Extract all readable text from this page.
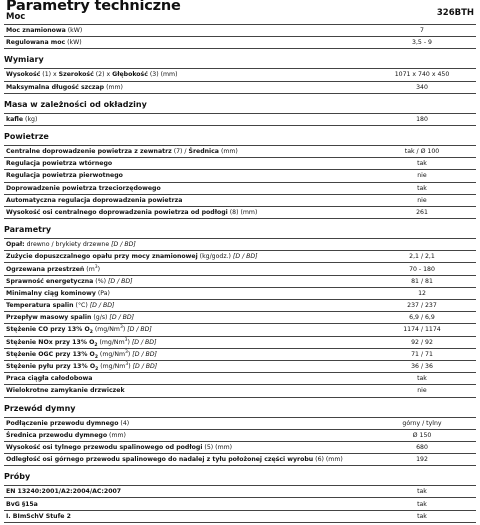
Parametry techniczne	326BTH
Moc
Moc znamionowa (kW)	7
Regulowana moc (kW)	3,5 - 9
Wymiary
Wysokość (1) x Szerokość (2) x Głębokość (3) (mm)	1071 x 740 x 450
Maksymalna długość szczap (mm)	340
Masa w zależności od okładziny
kafle (kg)	180
Powietrze
Centralne doprowadzenie powietrza z zewnatrz (7) / Średnica (mm)	tak / Ø 100
Regulacja powietrza wtórnego	tak
Regulacja powietrza pierwotnego	nie
Doprowadzenie powietrza trzeciorzędowego	tak
Automatyczna regulacja doprowadzenia powietrza	nie
Wysokość osi centralnego doprowadzenia powietrza od podłogi (8) (mm)	261
Parametry
Opał: drewno / brykiety drzewne [D / BD]
Zużycie dopuszczalnego opału przy mocy znamionowej (kg/godz.) [D / BD]	2,1 / 2,1
Ogrzewana przestrzeń $(m^3)$	70 - 180
Sprawność energetyczna (%) [D / BD]	81 / 81
Minimalny ciąg kominowy (Pa)	12
Temperatura spalin (°C) [D / BD]	237 / 237
Przepływ masowy spalin (g/s) [D / BD]	6,9 / 6,9
Stężenie CO przy 13% $O_2$ (mg/Nm$^3$) [D / BD]	1174 / 1174
Stężenie NOx przy 13% $O_2$ (mg/Nm$^3$) [D / BD]	92 / 92
Stężenie OGC przy 13% $O_2$ (mg/Nm$^3$) [D / BD]	71 / 71
Stężenie pyłu przy 13% $O_2$ (mg/Nm$^3$) [D / BD]	36 / 36
Praca ciągła całodobowa	tak
Wielokrotne zamykanie drzwiczek	nie
Przewód dymny
Podłączenie przewodu dymnego (4)	górny / tylny
Średnica przewodu dymnego (mm)	Ø 150
Wysokość osi tylnego przewodu spalinowego od podłogi (5) (mm)	680
Odległość osi górnego przewodu spalinowego do nadalej z tyłu położonej części wyrobu (6) (mm)	192
Próby
EN 13240:2001/A2:2004/AC:2007	tak
BvG §15a	tak
I. BImSchV Stufe 2	tak
